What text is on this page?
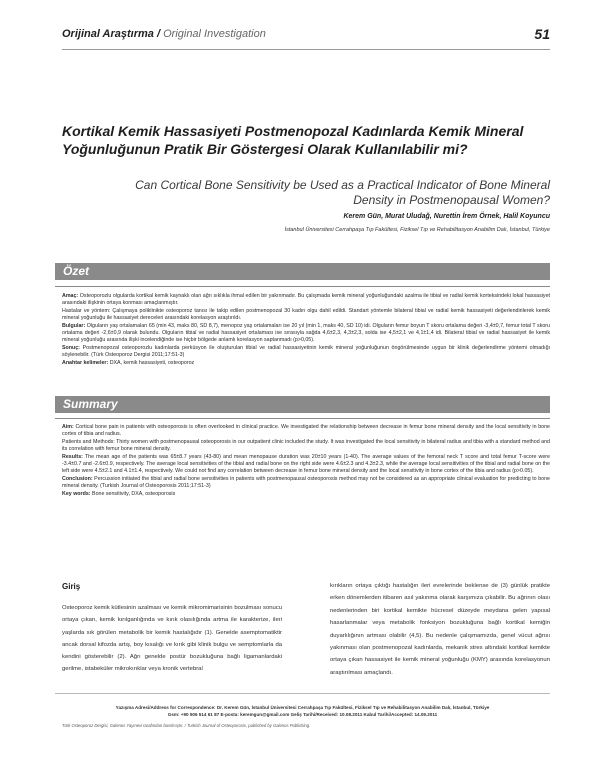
Orijinal Araştırma / Original Investigation	51
Kortikal Kemik Hassasiyeti Postmenopozal Kadınlarda Kemik Mineral Yoğunluğunun Pratik Bir Göstergesi Olarak Kullanılabilir mi?
Can Cortical Bone Sensitivity be Used as a Practical Indicator of Bone Mineral Density in Postmenopausal Women?
Kerem Gün, Murat Uludağ, Nurettin İrem Örnek, Halil Koyuncu
İstanbul Üniversitesi Cerrahpaşa Tıp Fakültesi, Fiziksel Tıp ve Rehabilitasyon Anabilim Dalı, İstanbul, Türkiye
Özet

Amaç: Osteoporozlu olgularda kortikal kemik kaynaklı olan ağrı sıklıkla ihmal edilen bir yakınmadır. Bu çalışmada kemik mineral yoğunluğundaki azalma ile tibial ve radial kemik korteksindeki lokal hassasiyet arasındaki ilişkinin ortaya konması amaçlanmıştır.

Hastalar ve yöntem: Çalışmaya poliklinikte osteoporoz tanısı ile takip edilen postmenopozal 30 kadın olgu dahil edildi. Standart yöntemle bilateral tibial ve radial kemik hassasiyeti değerlendirilerek kemik mineral yoğunluğu ile hassasiyet dereceleri arasındaki korelasyon araştırıldı.

Bulgular: Olguların yaş ortalamaları 65 (min 43, maks 80, SD 8,7), menopoz yaş ortalamaları ise 20 yıl (min 1, maks 40, SD 10) idi. Olguların femur boyun T skoru ortalama değeri -3,4±0,7, femur total T skoru ortalama değeri -2,6±0,9 olarak bulundu. Olguların tibial ve radial hassasiyet ortalaması ise sırasıyla sağda 4,6±2,3, 4,3±2,3, solda ise 4,5±2,1 ve 4,1±1,4 idi. Bilateral tibial ve radial hassasiyet ile kemik mineral yoğunluğu arasında ilişki incelendiğinde ise hiçbir bölgede anlamlı korelasyon saptanmadı (p>0,05).

Sonuç: Postmenopozal osteoporozlu kadınlarda perküsyon ile oluşturulan tibial ve radial hassasiyetinin kemik mineral yoğunluğunun öngörülmesinde uygun bir klinik değerlendirme yöntemi olmadığı söylenebilir. (Türk Osteoporoz Dergisi 2011;17:51-3)

Anahtar kelimeler: DXA, kemik hassasiyeti, osteoporoz

Summary

Aim: Cortical bone pain in patients with osteoporosis is often overlooked in clinical practice. We investigated the relationship between decrease in femur bone mineral density and the local sensitivity in bone cortex of tibia and radius.

Patients and Methods: Thirty women with postmenopausal osteoporosis in our outpatient clinic included the study. It was investigated the local sensitivity in bilateral radius and tibia with a standard method and its correlation with femur bone mineral density.

Results: The mean age of the patients was 65±8.7 years (43-80) and mean menopause duration was 20±10 years (1-40). The average values of the femoral neck T score and total femur T-score were -3.4±0.7 and -2.6±0.9, respectively. The average local sensitivities of the tibial and radial bone on the right side were 4.6±2.3 and 4.3±2.3, while the average local sensitivities of the tibial and radial bone on the left side were 4.5±2.1 and 4.1±1.4, respectively. We could not find any correlation between decrease in femur bone mineral density and the local sensitivity in bone cortex of the tibia and radius (p>0.05).

Conclusion: Percussion initiated the tibial and radial bone sensitivities in patients with postmenopausal osteoporosis method may not be considered as an appropriate clinical evaluation for predicting to bone mineral density. (Turkish Journal of Osteoporosis 2011;17:51-3)

Key words: Bone sensitivity, DXA, osteoporosis

Giriş
Osteoporoz kemik kütlesinin azalması ve kemik mikromimarisinin bozulması sonucu ortaya çıkan, kemik kırılganlığında ve kırık olasılığında artma ile karakterize, ileri yaşlarda sık görülen metabolik bir kemik hastalığıdır (1). Genelde asemptomatiktir ancak dorsal kifozda artış, boy kısalığı ve kırık gibi klinik bulgu ve semptomlarla da kendini gösterebilir (2). Ağrı genelde postür bozukluğuna bağlı ligamanlardaki gerilme, istabeküler mikrokırıklar veya kronik vertebral
kırıkların ortaya çıktığı hastalığın ileri evrelerinde beklense de (3) günlük pratikte erken dönemlerden itibaren asıl yakınma olarak karşımıza çıkabilir. Bu ağrının olası nedenlerinden biri kortikal kemikte hücresel düzeyde meydana gelen yapısal hasarlanmalar veya metabolik fonksiyon bozukluğuna bağlı kortikal kemiğin duyarlılığının artması olabilir (4,5). Bu nedenle çalışmamızda, genel vücut ağrısı yakınması olan postmenopozal kadınlarda, mekanik stres altındaki kortikal kemikte ortaya çıkan hassasiyet ile kemik mineral yoğunluğu (KMY) arasında korelasyonun araştırılması amaçlandı.
Yazışma Adresi/Address for Correspondence: Dr. Kerem Gün, İstanbul Üniversitesi Cerrahpaşa Tıp Fakültesi, Fiziksel Tıp ve Rehabilitasyon Anabilim Dalı, İstanbul, Türkiye
Gsm: +90 506 514 61 87 E-posta: keremgun@gmail.com Geliş Tarihi/Received: 10.08.2011 Kabul Tarihi/Accepted: 14.09.2011
Türk Osteoporoz Dergisi, Galenos Yayınevi tarafından basılmıştır. / Turkish Journal of Osteoporosis, published by Galenos Publishing.
